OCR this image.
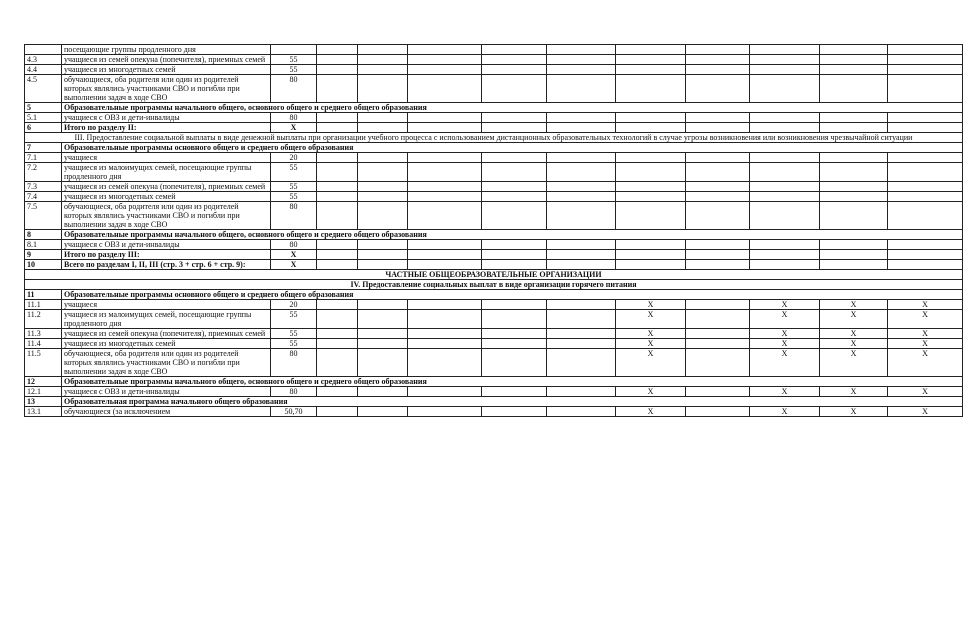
	посещающие группы продленного дня											
4.3	учащиеся из семей опекуна (попечителя), приемных семей	55										
4.4	учащиеся из многодетных семей	55										
4.5	обучающиеся, оба родителя или один из родителей которых являлись участниками СВО и погибли при выполнении задач в ходе СВО	80										
5	Образовательные программы начального общего, основного общего и среднего общего образования											
5.1	учащиеся с ОВЗ и дети-инвалиды	80										
6	Итого по разделу II:	X										
III. Предоставление социальной выплаты в виде денежной выплаты при организации учебного процесса с использованием дистанционных образовательных технологий в случае угрозы возникновения или возникновения чрезвычайной ситуации												
7	Образовательные программы основного общего и среднего общего образования											
7.1	учащиеся	20										
7.2	учащиеся из малоимущих семей, посещающие группы продленного дня	55										
7.3	учащиеся из семей опекуна (попечителя), приемных семей	55										
7.4	учащиеся из многодетных семей	55										
7.5	обучающиеся, оба родителя или один из родителей которых являлись участниками СВО и погибли при выполнении задач в ходе СВО	80										
8	Образовательные программы начального общего, основного общего и среднего общего образования											
8.1	учащиеся с ОВЗ и дети-инвалиды	80										
9	Итого по разделу III:	X										
10	Всего по разделам I, II, III (стр. 3 + стр. 6 + стр. 9):	X										
ЧАСТНЫЕ ОБЩЕОБРАЗОВАТЕЛЬНЫЕ ОРГАНИЗАЦИИ												
IV. Предоставление социальных выплат в виде организации горячего питания												
11	Образовательные программы основного общего и среднего общего образования											
11.1	учащиеся	20						X		X	X	X
11.2	учащиеся из малоимущих семей, посещающие группы продленного дня	55						X		X	X	X
11.3	учащиеся из семей опекуна (попечителя), приемных семей	55						X		X	X	X
11.4	учащиеся из многодетных семей	55						X		X	X	X
11.5	обучающиеся, оба родителя или один из родителей которых являлись участниками СВО и погибли при выполнении задач в ходе СВО	80						X		X	X	X
12	Образовательные программы начального общего, основного общего и среднего общего образования											
12.1	учащиеся с ОВЗ и дети-инвалиды	80						X		X	X	X
13	Образовательная программа начального общего образования											
13.1	обучающиеся (за исключением	50,70						X		X	X	X
